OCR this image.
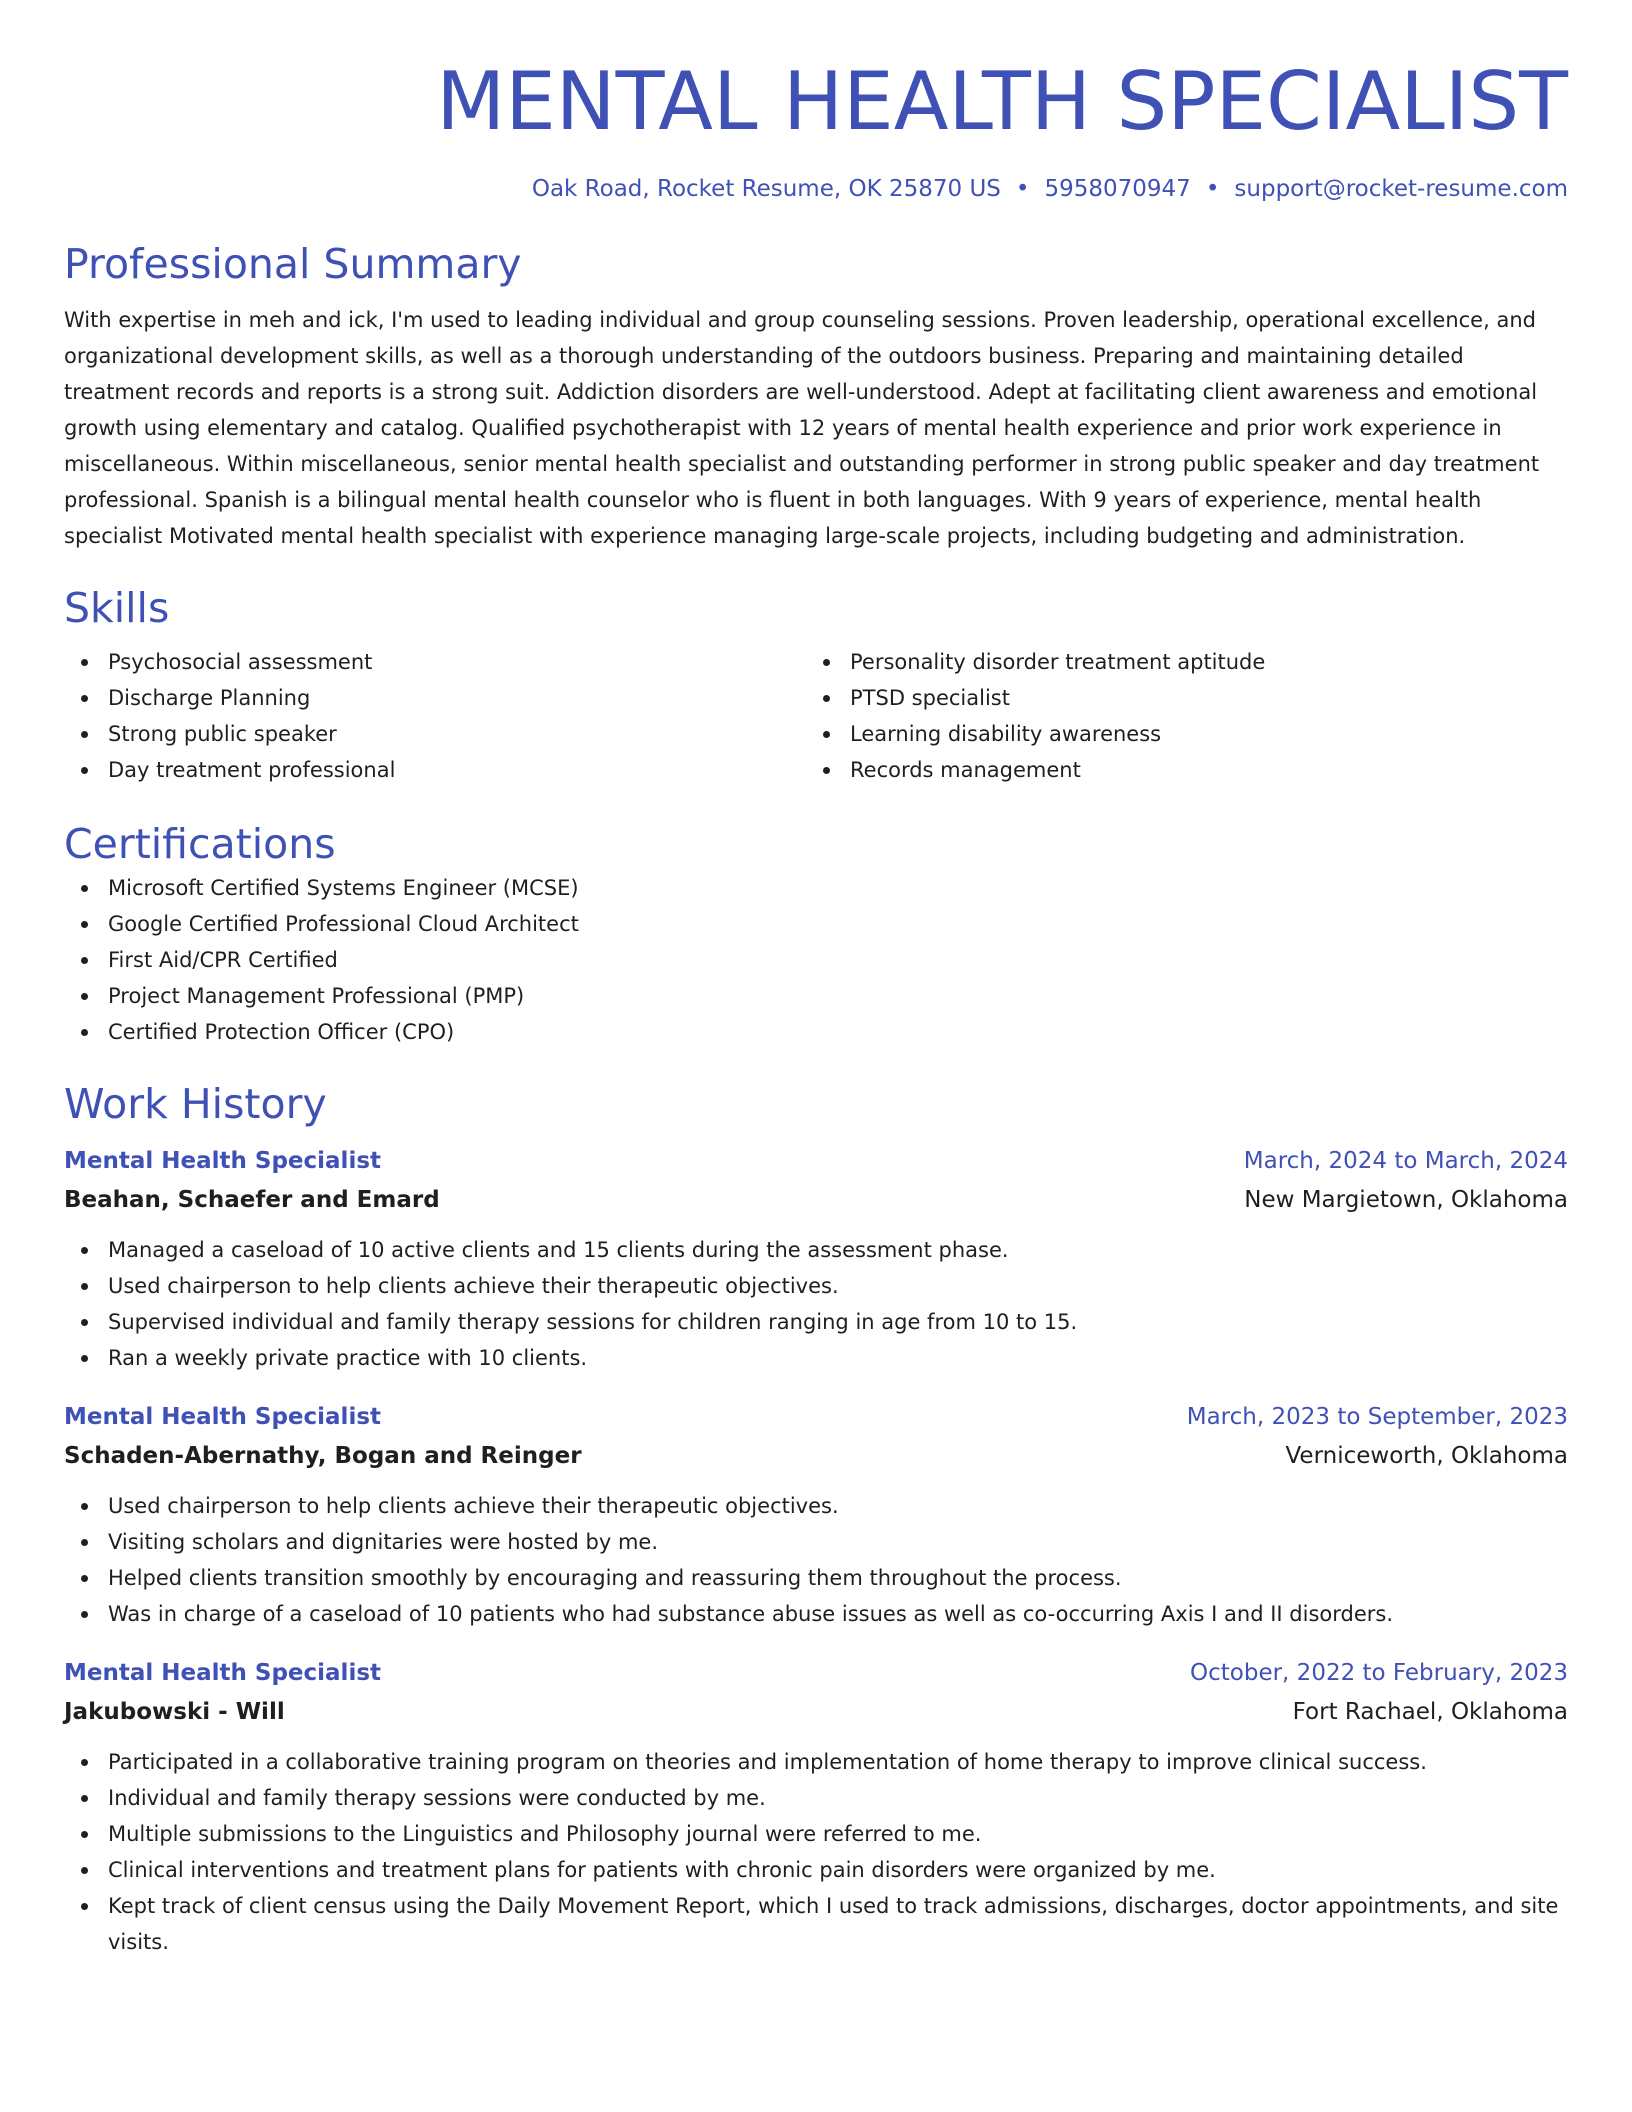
MENTAL HEALTH SPECIALIST
Oak Road, Rocket Resume, OK 25870 US • 5958070947 • support@rocket-resume.com
Professional Summary
With expertise in meh and ick, I'm used to leading individual and group counseling sessions. Proven leadership, operational excellence, and organizational development skills, as well as a thorough understanding of the outdoors business. Preparing and maintaining detailed treatment records and reports is a strong suit. Addiction disorders are well-understood. Adept at facilitating client awareness and emotional growth using elementary and catalog. Qualified psychotherapist with 12 years of mental health experience and prior work experience in miscellaneous. Within miscellaneous, senior mental health specialist and outstanding performer in strong public speaker and day treatment professional. Spanish is a bilingual mental health counselor who is fluent in both languages. With 9 years of experience, mental health specialist Motivated mental health specialist with experience managing large-scale projects, including budgeting and administration.
Skills
Psychosocial assessment
Discharge Planning
Strong public speaker
Day treatment professional
Personality disorder treatment aptitude
PTSD specialist
Learning disability awareness
Records management
Certifications
Microsoft Certified Systems Engineer (MCSE)
Google Certified Professional Cloud Architect
First Aid/CPR Certified
Project Management Professional (PMP)
Certified Protection Officer (CPO)
Work History
Mental Health Specialist	March, 2024 to March, 2024
Beahan, Schaefer and Emard	New Margietown, Oklahoma
Managed a caseload of 10 active clients and 15 clients during the assessment phase.
Used chairperson to help clients achieve their therapeutic objectives.
Supervised individual and family therapy sessions for children ranging in age from 10 to 15.
Ran a weekly private practice with 10 clients.
Mental Health Specialist	March, 2023 to September, 2023
Schaden-Abernathy, Bogan and Reinger	Verniceworth, Oklahoma
Used chairperson to help clients achieve their therapeutic objectives.
Visiting scholars and dignitaries were hosted by me.
Helped clients transition smoothly by encouraging and reassuring them throughout the process.
Was in charge of a caseload of 10 patients who had substance abuse issues as well as co-occurring Axis I and II disorders.
Mental Health Specialist	October, 2022 to February, 2023
Jakubowski - Will	Fort Rachael, Oklahoma
Participated in a collaborative training program on theories and implementation of home therapy to improve clinical success.
Individual and family therapy sessions were conducted by me.
Multiple submissions to the Linguistics and Philosophy journal were referred to me.
Clinical interventions and treatment plans for patients with chronic pain disorders were organized by me.
Kept track of client census using the Daily Movement Report, which I used to track admissions, discharges, doctor appointments, and site visits.
